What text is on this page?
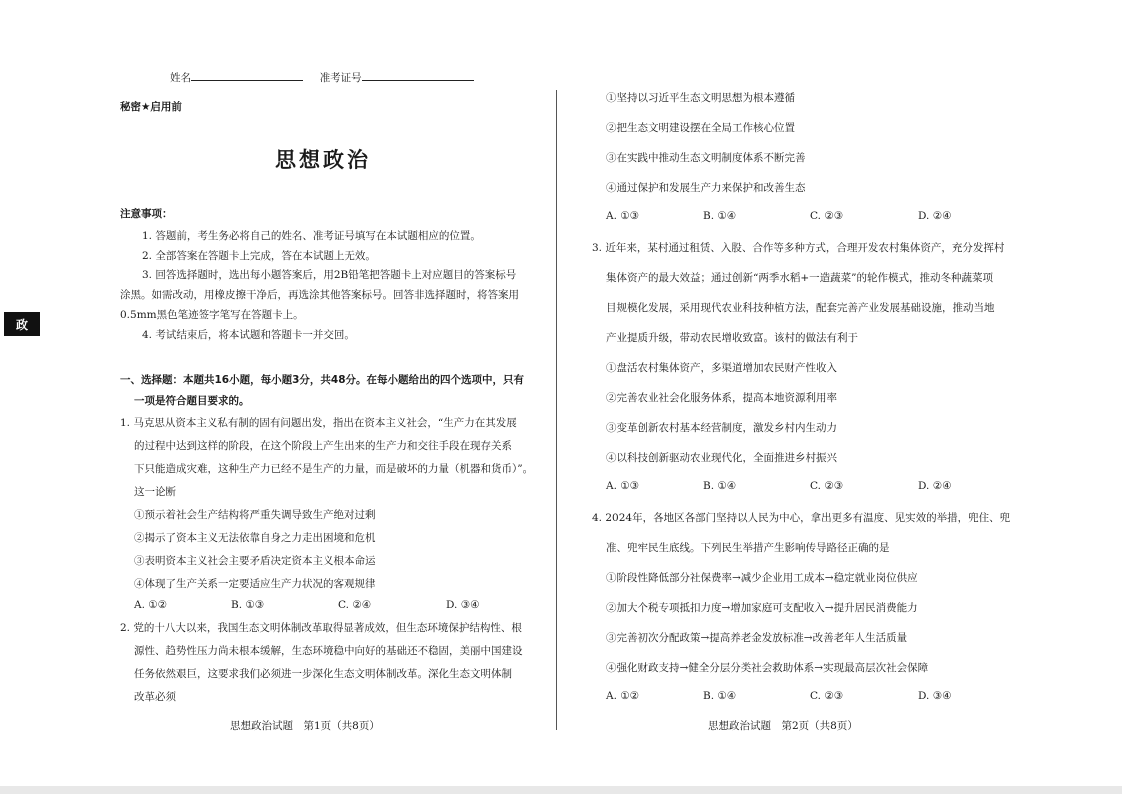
姓名	准考证号
秘密★启用前
思想政治
政
注意事项：
1. 答题前，考生务必将自己的姓名、准考证号填写在本试题相应的位置。
2. 全部答案在答题卡上完成，答在本试题上无效。
3. 回答选择题时，选出每小题答案后，用2B铅笔把答题卡上对应题目的答案标号
涂黑。如需改动，用橡皮擦干净后，再选涂其他答案标号。回答非选择题时，将答案用
0.5mm黑色笔迹签字笔写在答题卡上。
4. 考试结束后，将本试题和答题卡一并交回。
一、选择题：本题共16小题，每小题3分，共48分。在每小题给出的四个选项中，只有
一项是符合题目要求的。
1. 马克思从资本主义私有制的固有问题出发，指出在资本主义社会，“生产力在其发展
的过程中达到这样的阶段，在这个阶段上产生出来的生产力和交往手段在现存关系
下只能造成灾难，这种生产力已经不是生产的力量，而是破坏的力量（机器和货币）”。
这一论断
①预示着社会生产结构将严重失调导致生产绝对过剩
②揭示了资本主义无法依靠自身之力走出困境和危机
③表明资本主义社会主要矛盾决定资本主义根本命运
④体现了生产关系一定要适应生产力状况的客观规律
A. ①②	B. ①③	C. ②④	D. ③④
2. 党的十八大以来，我国生态文明体制改革取得显著成效，但生态环境保护结构性、根
源性、趋势性压力尚未根本缓解，生态环境稳中向好的基础还不稳固，美丽中国建设
任务依然艰巨，这要求我们必须进一步深化生态文明体制改革。深化生态文明体制
改革必须
思想政治试题　第1页（共8页）
①坚持以习近平生态文明思想为根本遵循
②把生态文明建设摆在全局工作核心位置
③在实践中推动生态文明制度体系不断完善
④通过保护和发展生产力来保护和改善生态
A. ①③	B. ①④	C. ②③	D. ②④
3. 近年来，某村通过租赁、入股、合作等多种方式，合理开发农村集体资产，充分发挥村
集体资产的最大效益；通过创新“两季水稻+一造蔬菜”的轮作模式，推动冬种蔬菜项
目规模化发展，采用现代农业科技种植方法，配套完善产业发展基础设施，推动当地
产业提质升级，带动农民增收致富。该村的做法有利于
①盘活农村集体资产，多渠道增加农民财产性收入
②完善农业社会化服务体系，提高本地资源利用率
③变革创新农村基本经营制度，激发乡村内生动力
④以科技创新驱动农业现代化，全面推进乡村振兴
A. ①③	B. ①④	C. ②③	D. ②④
4. 2024年，各地区各部门坚持以人民为中心，拿出更多有温度、见实效的举措，兜住、兜
准、兜牢民生底线。下列民生举措产生影响传导路径正确的是
①阶段性降低部分社保费率→减少企业用工成本→稳定就业岗位供应
②加大个税专项抵扣力度→增加家庭可支配收入→提升居民消费能力
③完善初次分配政策→提高养老金发放标准→改善老年人生活质量
④强化财政支持→健全分层分类社会救助体系→实现最高层次社会保障
A. ①②	B. ①④	C. ②③	D. ③④
思想政治试题　第2页（共8页）
